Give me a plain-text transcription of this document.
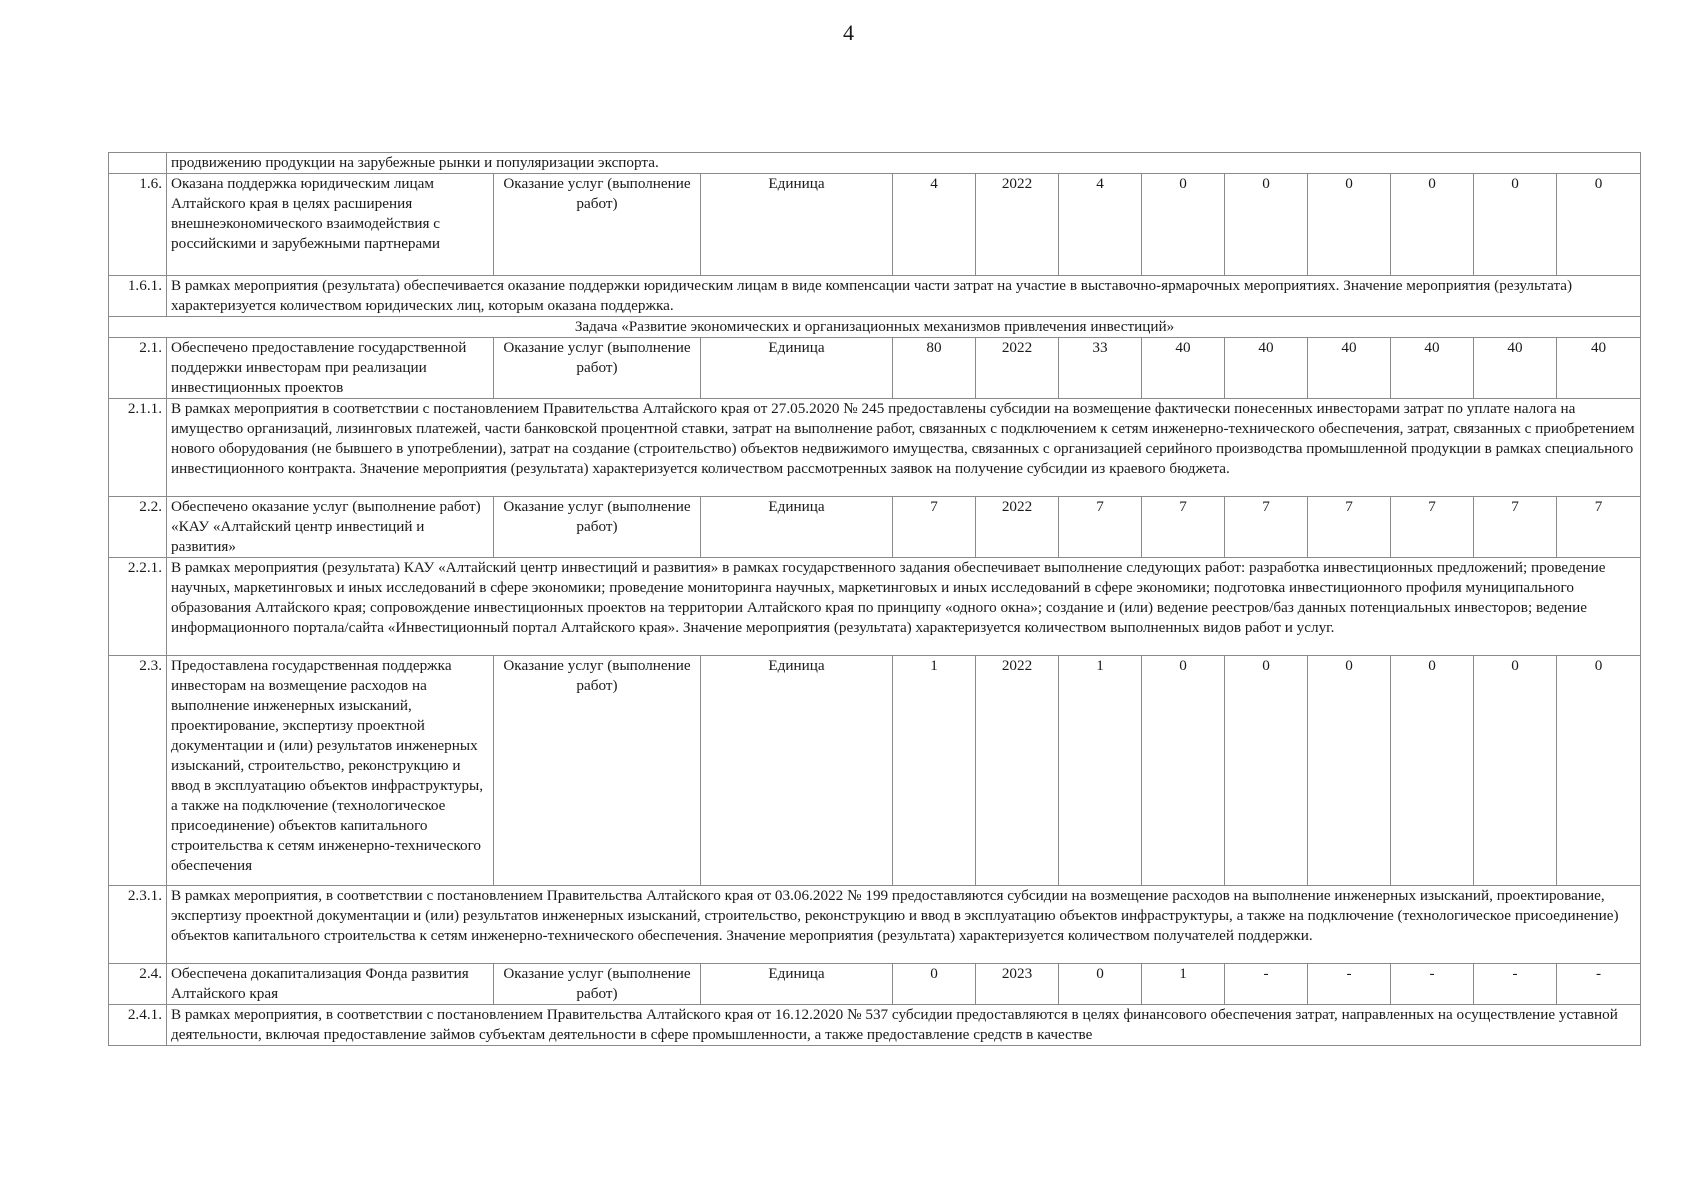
4
	продвижению продукции на зарубежные рынки и популяризации экспорта.											
1.6.	Оказана поддержка юридическим лицам Алтайского края в целях расширения внешнеэкономического взаимодействия с российскими и зарубежными партнерами	Оказание услуг (выполнение работ)	Единица	4	2022	4	0	0	0	0	0	0
1.6.1.	В рамках мероприятия (результата) обеспечивается оказание поддержки юридическим лицам в виде компенсации части затрат на участие в выставочно-ярмарочных мероприятиях. Значение мероприятия (результата) характеризуется количеством юридических лиц, которым оказана поддержка.											
Задача «Развитие экономических и организационных механизмов привлечения инвестиций»												
2.1.	Обеспечено предоставление государственной поддержки инвесторам при реализации инвестиционных проектов	Оказание услуг (выполнение работ)	Единица	80	2022	33	40	40	40	40	40	40
2.1.1.	В рамках мероприятия в соответствии с постановлением Правительства Алтайского края от 27.05.2020 № 245 предоставлены субсидии на возмещение фактически понесенных инвесторами затрат по уплате налога на имущество организаций, лизинговых платежей, части банковской процентной ставки, затрат на выполнение работ, связанных с подключением к сетям инженерно-технического обеспечения, затрат, связанных с приобретением нового оборудования (не бывшего в употреблении), затрат на создание (строительство) объектов недвижимого имущества, связанных с организацией серийного производства промышленной продукции в рамках специального инвестиционного контракта. Значение мероприятия (результата) характеризуется количеством рассмотренных заявок на получение субсидии из краевого бюджета.											
2.2.	Обеспечено оказание услуг (выполнение работ) «КАУ «Алтайский центр инвестиций и развития»	Оказание услуг (выполнение работ)	Единица	7	2022	7	7	7	7	7	7	7
2.2.1.	В рамках мероприятия (результата) КАУ «Алтайский центр инвестиций и развития» в рамках государственного задания обеспечивает выполнение следующих работ: разработка инвестиционных предложений; проведение научных, маркетинговых и иных исследований в сфере экономики; проведение мониторинга научных, маркетинговых и иных исследований в сфере экономики; подготовка инвестиционного профиля муниципального образования Алтайского края; сопровождение инвестиционных проектов на территории Алтайского края по принципу «одного окна»; создание и (или) ведение реестров/баз данных потенциальных инвесторов; ведение информационного портала/сайта «Инвестиционный портал Алтайского края». Значение мероприятия (результата) характеризуется количеством выполненных видов работ и услуг.											
2.3.	Предоставлена государственная поддержка инвесторам на возмещение расходов на выполнение инженерных изысканий, проектирование, экспертизу проектной документации и (или) результатов инженерных изысканий, строительство, реконструкцию и ввод в эксплуатацию объектов инфраструктуры, а также на подключение (технологическое присоединение) объектов капитального строительства к сетям инженерно-технического обеспечения	Оказание услуг (выполнение работ)	Единица	1	2022	1	0	0	0	0	0	0
2.3.1.	В рамках мероприятия, в соответствии с постановлением Правительства Алтайского края от 03.06.2022 № 199 предоставляются субсидии на возмещение расходов на выполнение инженерных изысканий, проектирование, экспертизу проектной документации и (или) результатов инженерных изысканий, строительство, реконструкцию и ввод в эксплуатацию объектов инфраструктуры, а также на подключение (технологическое присоединение) объектов капитального строительства к сетям инженерно-технического обеспечения. Значение мероприятия (результата) характеризуется количеством получателей поддержки.											
2.4.	Обеспечена докапитализация Фонда развития Алтайского края	Оказание услуг (выполнение работ)	Единица	0	2023	0	1	-	-	-	-	-
2.4.1.	В рамках мероприятия, в соответствии с постановлением Правительства Алтайского края от 16.12.2020 № 537 субсидии предоставляются в целях финансового обеспечения затрат, направленных на осуществление уставной деятельности, включая предоставление займов субъектам деятельности в сфере промышленности, а также предоставление средств в качестве											
